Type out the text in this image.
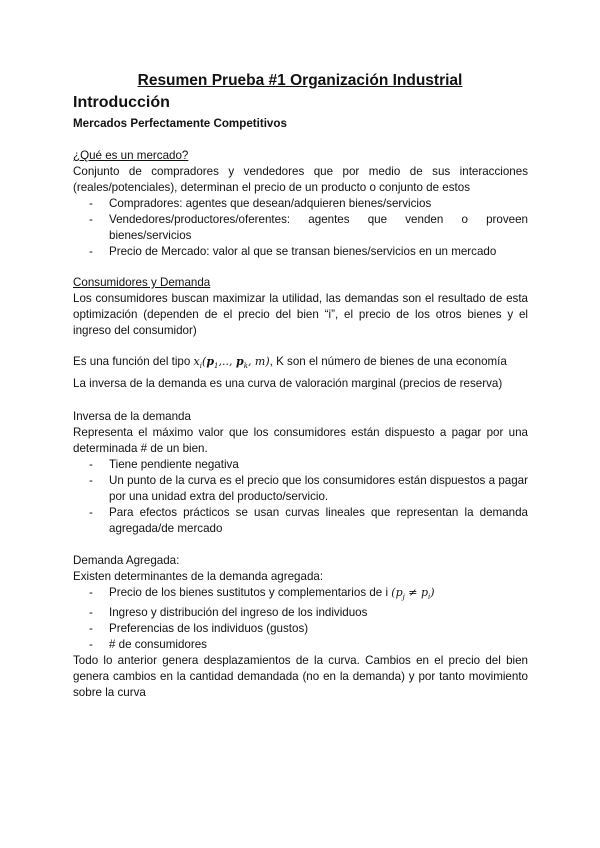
Resumen Prueba #1 Organización Industrial
Introducción
Mercados Perfectamente Competitivos
¿Qué es un mercado?
Conjunto de compradores y vendedores que por medio de sus interacciones (reales/potenciales), determinan el precio de un producto o conjunto de estos
- Compradores: agentes que desean/adquieren bienes/servicios
- Vendedores/productores/oferentes: agentes que venden o proveen bienes/servicios
- Precio de Mercado: valor al que se transan bienes/servicios en un mercado
Consumidores y Demanda
Los consumidores buscan maximizar la utilidad, las demandas son el resultado de esta optimización (dependen de el precio del bien “i”, el precio de los otros bienes y el ingreso del consumidor)
Es una función del tipo $x_i(p_1$,.., $p_k$, m), K son el número de bienes de una economía
La inversa de la demanda es una curva de valoración marginal (precios de reserva)
Inversa de la demanda
Representa el máximo valor que los consumidores están dispuesto a pagar por una determinada # de un bien.
- Tiene pendiente negativa
- Un punto de la curva es el precio que los consumidores están dispuestos a pagar por una unidad extra del producto/servicio.
- Para efectos prácticos se usan curvas lineales que representan la demanda agregada/de mercado
Demanda Agregada:
Existen determinantes de la demanda agregada:
- Precio de los bienes sustitutos y complementarios de i $(p_j \ne p_i)$
- Ingreso y distribución del ingreso de los individuos
- Preferencias de los individuos (gustos)
- # de consumidores
Todo lo anterior genera desplazamientos de la curva. Cambios en el precio del bien genera cambios en la cantidad demandada (no en la demanda) y por tanto movimiento sobre la curva
